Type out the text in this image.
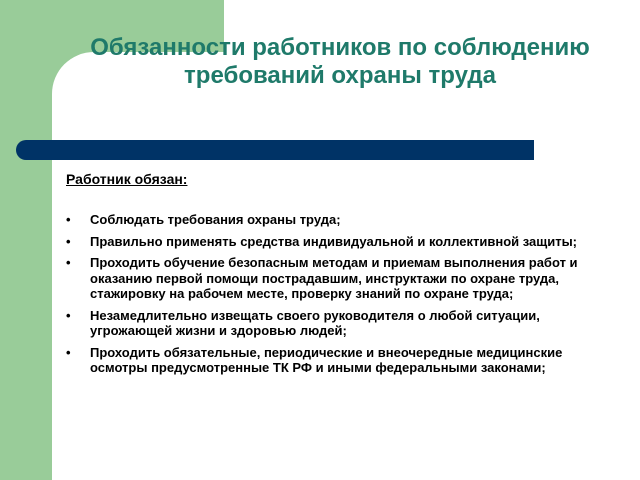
Обязанности работников по соблюдению требований охраны труда

Работник обязан:

• Соблюдать требования охраны труда;
• Правильно применять средства индивидуальной и коллективной защиты;
• Проходить обучение безопасным методам и приемам выполнения работ и оказанию первой помощи пострадавшим, инструктажи по охране труда, стажировку на рабочем месте, проверку знаний по охране труда;
• Незамедлительно извещать своего руководителя о любой ситуации, угрожающей жизни и здоровью людей;
• Проходить обязательные, периодические и внеочередные медицинские осмотры предусмотренные ТК РФ и иными федеральными законами;
